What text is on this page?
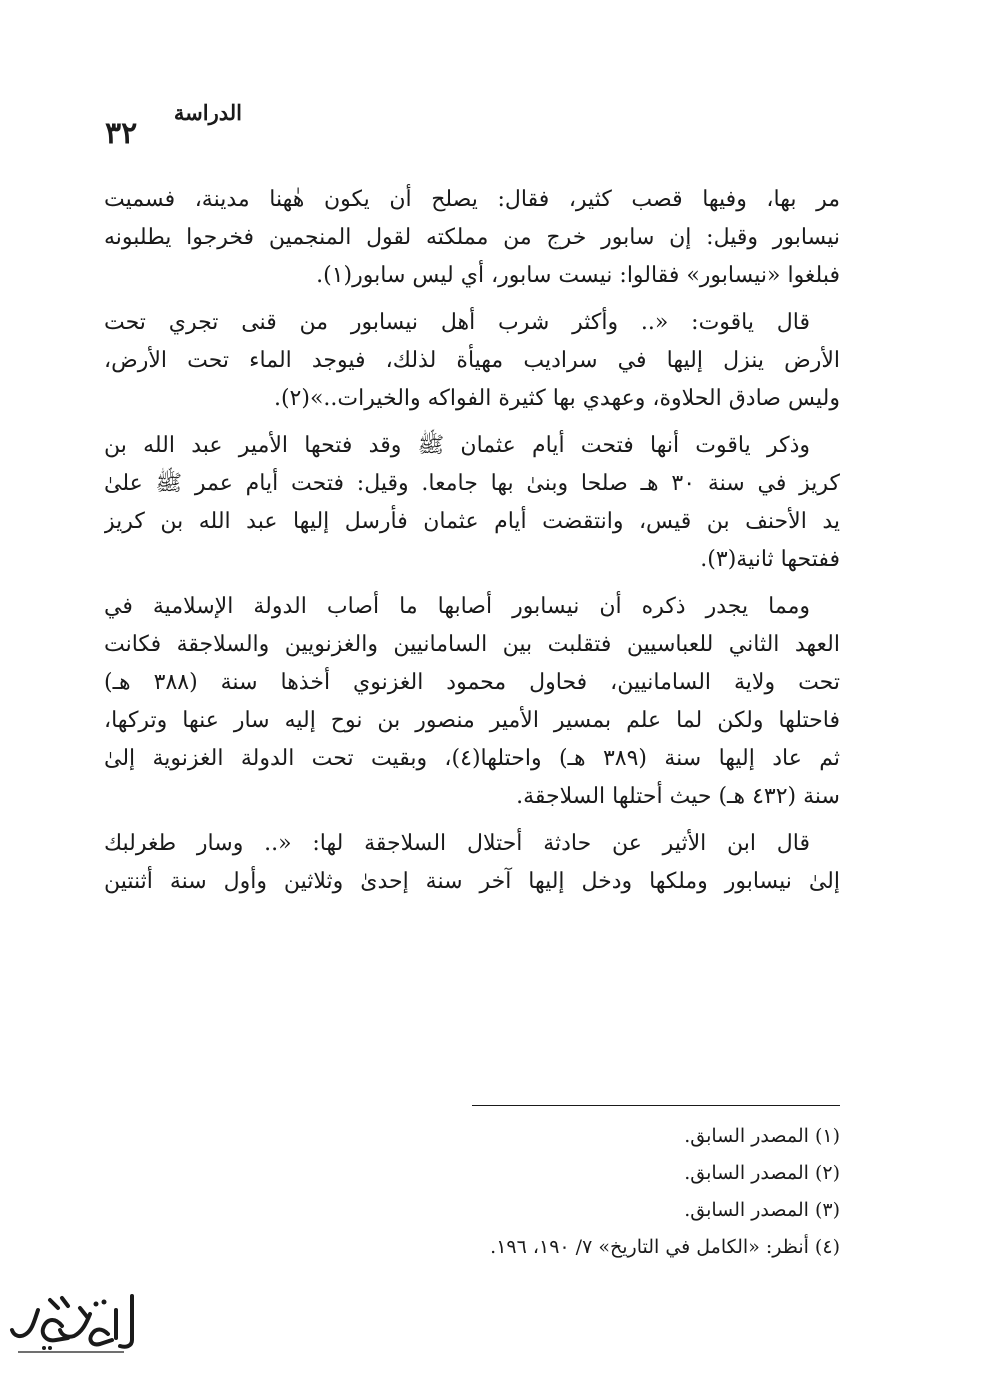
الدراسة
٣٢

مر بها، وفيها قصب كثير، فقال: يصلح أن يكون هٰهنا مدينة، فسميت
نيسابور وقيل: إن سابور خرج من مملكته لقول المنجمين فخرجوا يطلبونه
فبلغوا «نيسابور» فقالوا: نيست سابور، أي ليس سابور(١).

قال ياقوت: «.. وأكثر شرب أهل نيسابور من قنى تجري تحت
الأرض ينزل إليها في سراديب مهيأة لذلك، فيوجد الماء تحت الأرض،
وليس صادق الحلاوة، وعهدي بها كثيرة الفواكه والخيرات..»(٢).

وذكر ياقوت أنها فتحت أيام عثمان ﷺ وقد فتحها الأمير عبد الله بن
كريز في سنة ٣٠ هـ صلحا وبنىٰ بها جامعا. وقيل: فتحت أيام عمر ﷺ علىٰ
يد الأحنف بن قيس، وانتقضت أيام عثمان فأرسل إليها عبد الله بن كريز
ففتحها ثانية(٣).

ومما يجدر ذكره أن نيسابور أصابها ما أصاب الدولة الإسلامية في
العهد الثاني للعباسيين فتقلبت بين السامانيين والغزنويين والسلاجقة فكانت
تحت ولاية السامانيين، فحاول محمود الغزنوي أخذها سنة (٣٨٨ هـ)
فاحتلها ولكن لما علم بمسير الأمير منصور بن نوح إليه سار عنها وتركها،
ثم عاد إليها سنة (٣٨٩ هـ) واحتلها(٤)، وبقيت تحت الدولة الغزنوية إلىٰ
سنة (٤٣٢ هـ) حيث أحتلها السلاجقة.

قال ابن الأثير عن حادثة أحتلال السلاجقة لها: «.. وسار طغرلبك
إلىٰ نيسابور وملكها ودخل إليها آخر سنة إحدىٰ وثلاثين وأول سنة أثنتين

(١) المصدر السابق.
(٢) المصدر السابق.
(٣) المصدر السابق.
(٤) أنظر: «الكامل في التاريخ» ٧/ ١٩٠، ١٩٦.
